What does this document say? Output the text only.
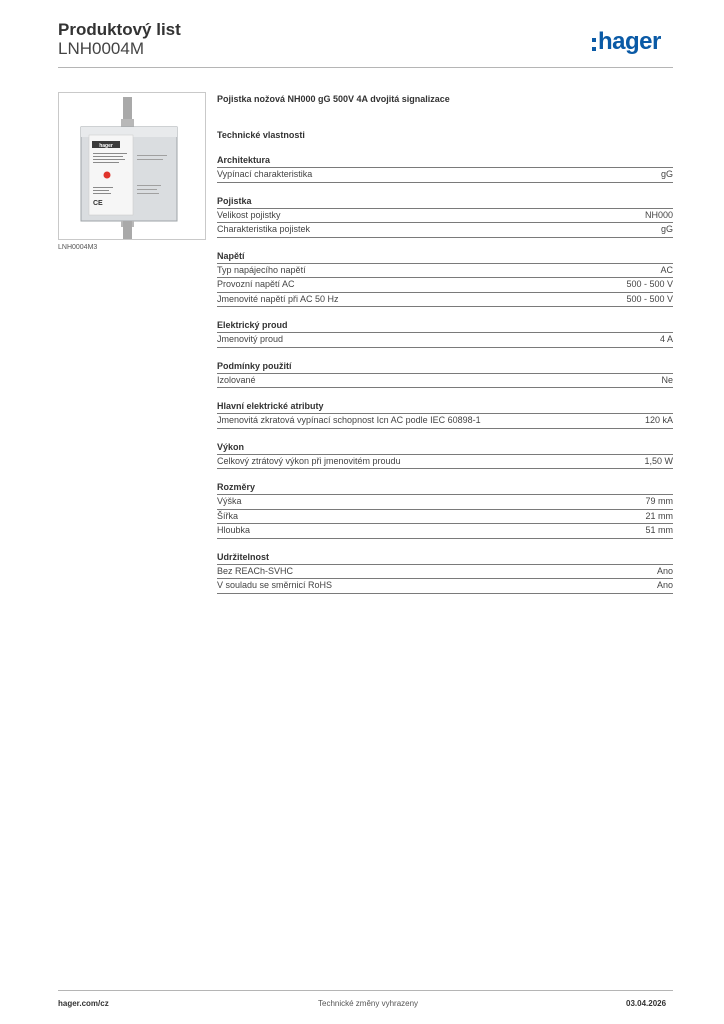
Produktový list
LNH0004M	hager
hager
CE
LNH0004M3
Pojistka nožová NH000 gG 500V 4A dvojitá signalizace
Technické vlastnosti
Architektura
Vypínací charakteristika	gG
Pojistka
Velikost pojistky	NH000
Charakteristika pojistek	gG
Napětí
Typ napájecího napětí	AC
Provozní napětí AC	500 - 500 V
Jmenovité napětí při AC 50 Hz	500 - 500 V
Elektrický proud
Jmenovitý proud	4 A
Podmínky použití
Izolované	Ne
Hlavní elektrické atributy
Jmenovitá zkratová vypínací schopnost Icn AC podle IEC 60898-1	120 kA
Výkon
Celkový ztrátový výkon při jmenovitém proudu	1,50 W
Rozměry
Výška	79 mm
Šířka	21 mm
Hloubka	51 mm
Udržitelnost
Bez REACh-SVHC	Ano
V souladu se směrnicí RoHS	Ano
hager.com/cz	Technické změny vyhrazeny	03.04.2026
